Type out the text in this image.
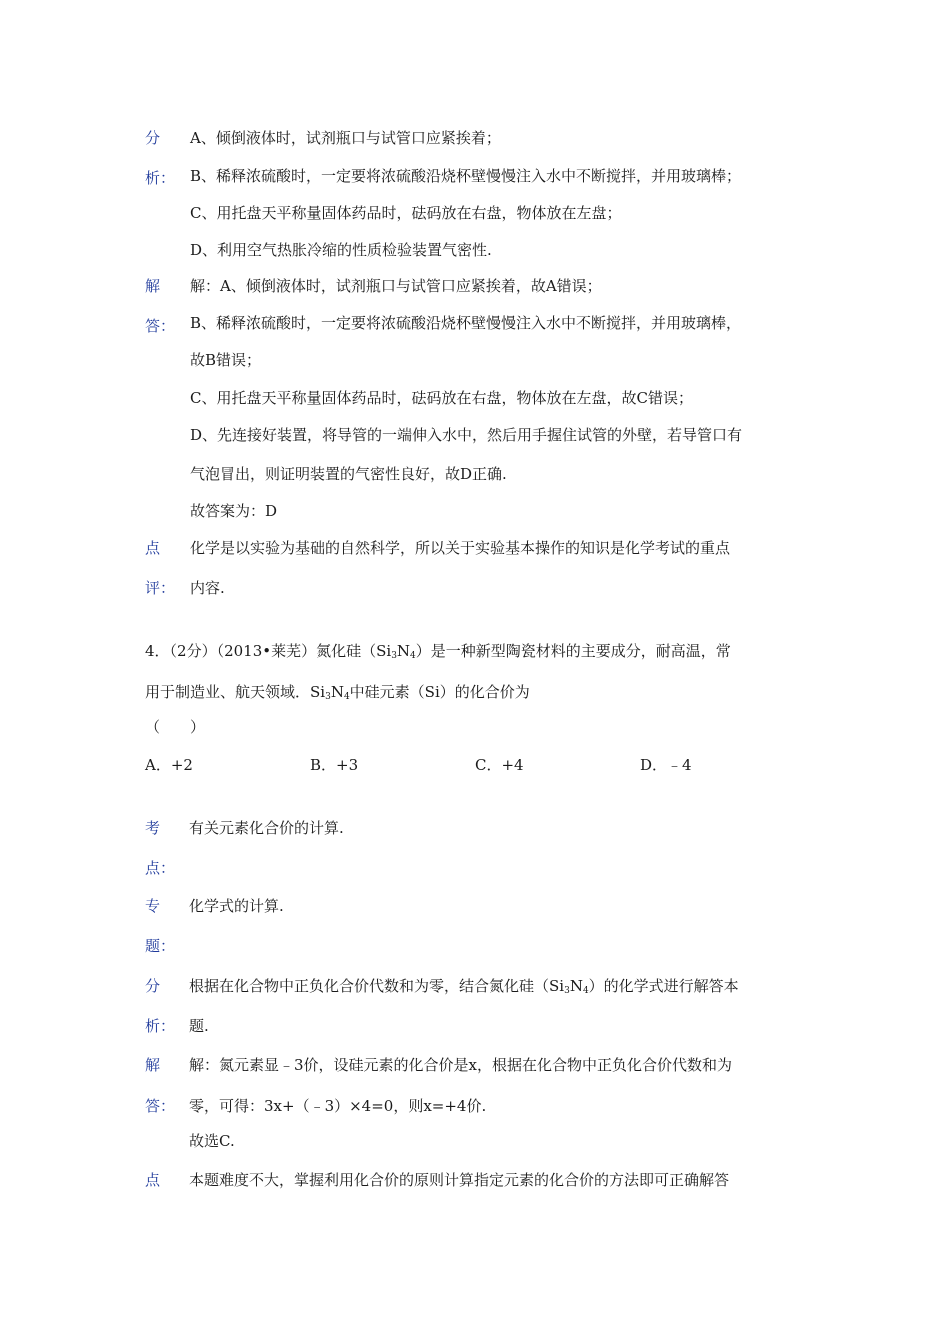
分 A、倾倒液体时，试剂瓶口与试管口应紧挨着；
析： B、稀释浓硫酸时，一定要将浓硫酸沿烧杯壁慢慢注入水中不断搅拌，并用玻璃棒；
C、用托盘天平称量固体药品时，砝码放在右盘，物体放在左盘；
D、利用空气热胀冷缩的性质检验装置气密性.
解 解：A、倾倒液体时，试剂瓶口与试管口应紧挨着，故A错误；
答： B、稀释浓硫酸时，一定要将浓硫酸沿烧杯壁慢慢注入水中不断搅拌，并用玻璃棒，
故B错误；
C、用托盘天平称量固体药品时，砝码放在右盘，物体放在左盘，故C错误；
D、先连接好装置，将导管的一端伸入水中，然后用手握住试管的外壁，若导管口有
气泡冒出，则证明装置的气密性良好，故D正确.
故答案为：D
点 化学是以实验为基础的自然科学，所以关于实验基本操作的知识是化学考试的重点
评： 内容.
4．（2分）（2013•莱芜）氮化硅$(Si_3N_4)$是一种新型陶瓷材料的主要成分，耐高温，常
用于制造业、航天领域．$Si_3N_4$中硅元素（Si）的化合价为
（　　）
A．+2	B．+3	C．+4	D．﹣4
考 有关元素化合价的计算.
点：
专 化学式的计算.
题：
分 根据在化合物中正负化合价代数和为零，结合氮化硅$(Si_3N_4)$的化学式进行解答本
析： 题.
解 解：氮元素显﹣3价，设硅元素的化合价是x，根据在化合物中正负化合价代数和为
答： 零，可得：3x+（﹣3）×4=0，则x=+4价.
故选C.
点 本题难度不大，掌握利用化合价的原则计算指定元素的化合价的方法即可正确解答
